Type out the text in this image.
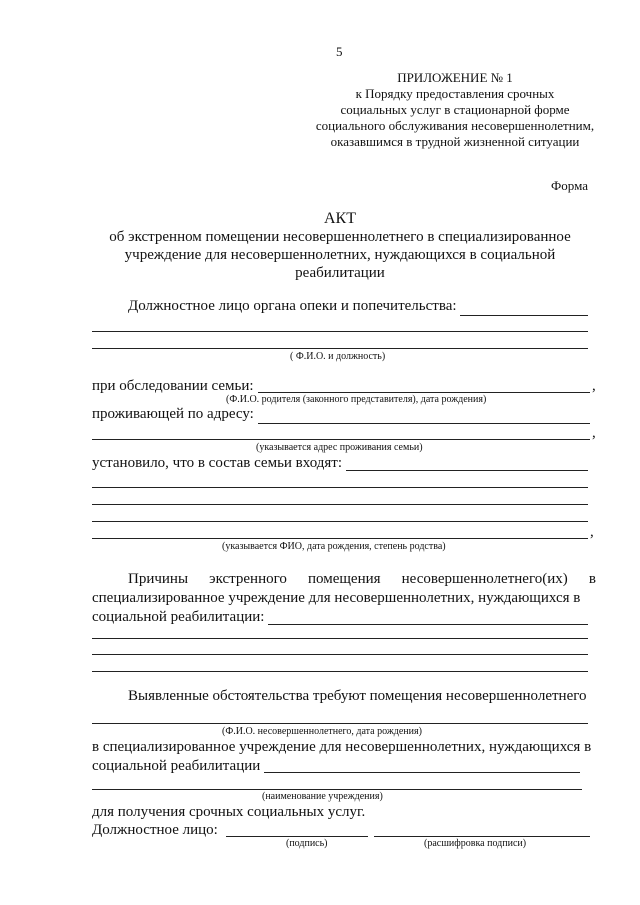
5
ПРИЛОЖЕНИЕ № 1
к Порядку предоставления срочных
социальных услуг в стационарной форме
социального обслуживания несовершеннолетним,
оказавшимся в трудной жизненной ситуации
Форма
АКТ
об экстренном помещении несовершеннолетнего в специализированное
учреждение для несовершеннолетних, нуждающихся в социальной
реабилитации
Должностное лицо органа опеки и попечительства:
( Ф.И.О. и должность)
при обследовании семьи:	,
(Ф.И.О. родителя (законного представителя), дата рождения)
проживающей по адресу:
,
(указывается адрес проживания семьи)
установило, что в состав семьи входят:
,
(указывается ФИО, дата рождения, степень родства)
Причины экстренного помещения несовершеннолетнего(их) в
специализированное учреждение для несовершеннолетних, нуждающихся в
социальной реабилитации:
Выявленные обстоятельства требуют помещения несовершеннолетнего
(Ф.И.О. несовершеннолетнего, дата рождения)
в специализированное учреждение для несовершеннолетних, нуждающихся в
социальной реабилитации
(наименование учреждения)
для получения срочных социальных услуг.
Должностное лицо:
(подпись)	(расшифровка подписи)
